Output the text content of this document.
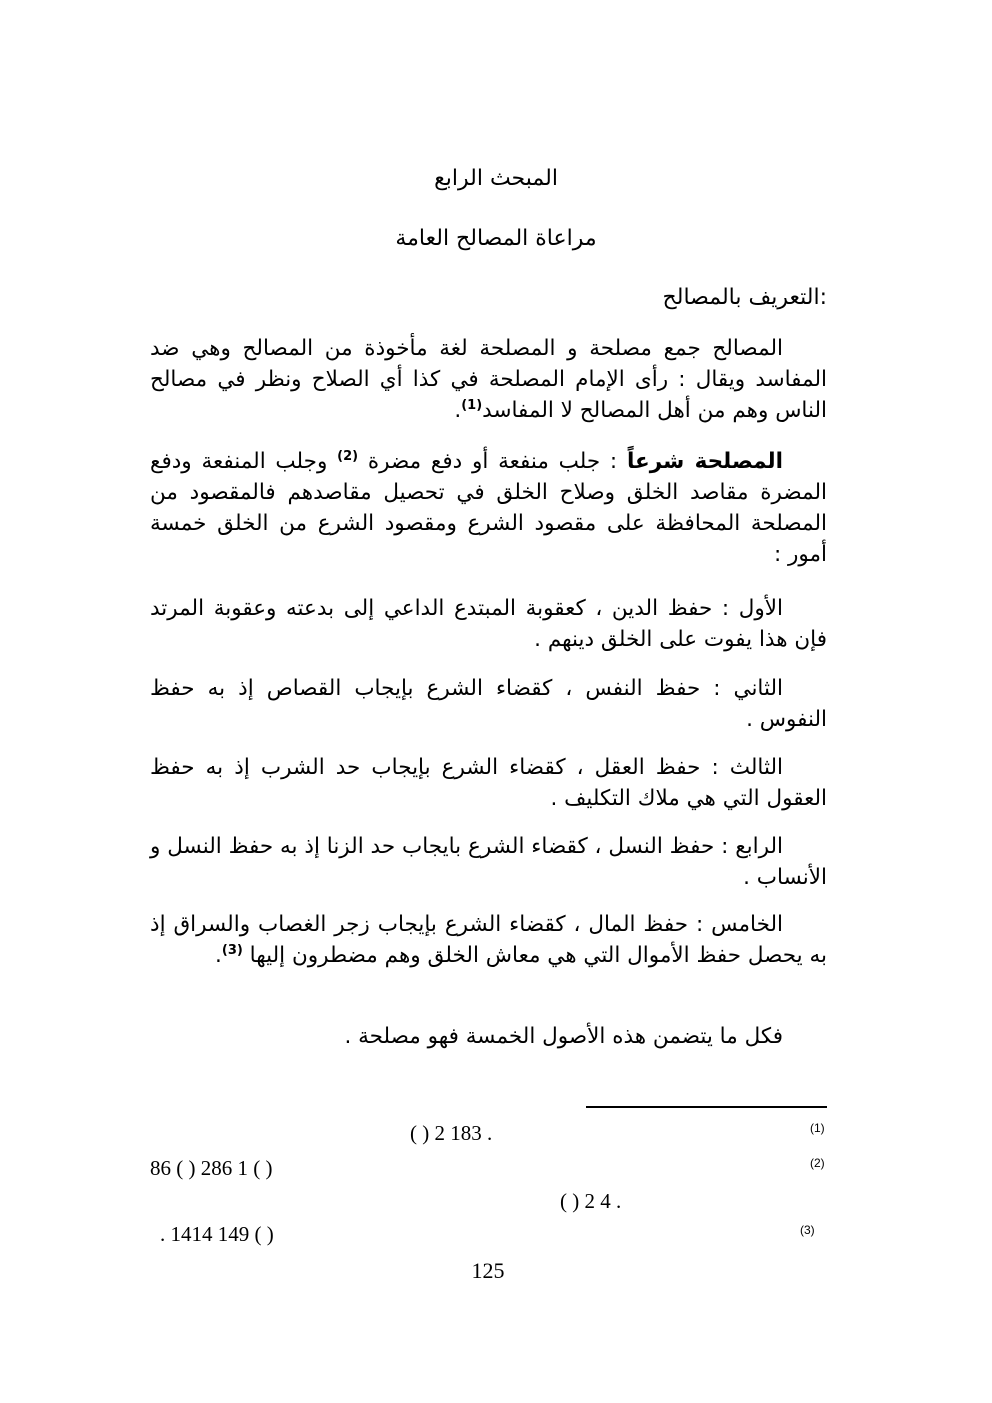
المبحث الرابع
مراعاة المصالح العامة
التعريف بالمصالح:

المصالح جمع مصلحة و المصلحة لغة مأخوذة من المصالح وهي ضد المفاسد ويقال : رأى الإمام المصلحة في كذا أي الصلاح ونظر في مصالح الناس وهم من أهل المصالح لا المفاسد$^{(1)}$.

المصلحة شرعاً : جلب منفعة أو دفع مضرة $^{(2)}$ وجلب المنفعة ودفع المضرة مقاصد الخلق وصلاح الخلق في تحصيل مقاصدهم فالمقصود من المصلحة المحافظة على مقصود الشرع ومقصود الشرع من الخلق خمسة أمور :

الأول : حفظ الدين ، كعقوبة المبتدع الداعي إلى بدعته وعقوبة المرتد فإن هذا يفوت على الخلق دينهم .

الثاني : حفظ النفس ، كقضاء الشرع بإيجاب القصاص إذ به حفظ النفوس .

الثالث : حفظ العقل ، كقضاء الشرع بإيجاب حد الشرب إذ به حفظ العقول التي هي ملاك التكليف .

الرابع : حفظ النسل ، كقضاء الشرع بايجاب حد الزنا إذ به حفظ النسل و الأنساب .

الخامس : حفظ المال ، كقضاء الشرع بإيجاب زجر الغصاب والسراق إذ به يحصل حفظ الأموال التي هي معاش الخلق وهم مضطرون إليها $^{(3)}$.

فكل ما يتضمن هذه الأصول الخمسة فهو مصلحة .

(1)
( ) 2 183 .
(2)
( ) 1 286 ( ) 86
( ) 2 4 .
(3)
( ) 149 1414 .
125
